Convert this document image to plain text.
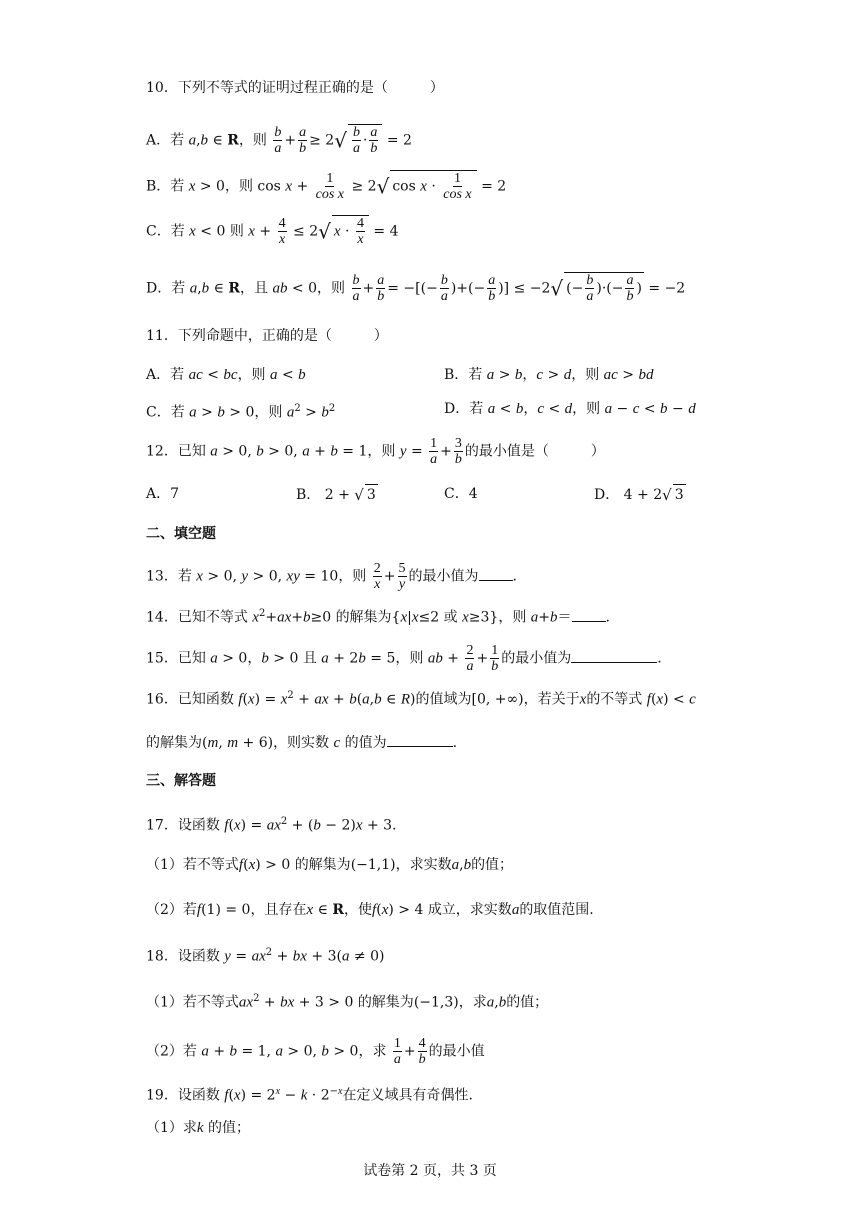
10．下列不等式的证明过程正确的是（　　　）
A．若 a,b ∈ R，则 $\frac{b}{a} + \frac{a}{b} \ge 2√ \frac{b}{a} \cdot \frac{a}{b} = 2$
B．若 x > 0，则 $\cos x + \frac{1}{\text{cos x}} \ge 2√$ $\cos x \cdot \frac{1}{\text{cos x}} = 2$
C．若 x < 0 则 $x + \frac{4}{x} \le 2√$ $x \cdot \frac{4}{x} = 4$
D．若 a,b ∈ R，且 ab < 0，则 $\frac{b}{a} + \frac{a}{b}$ = −[(− $\frac{b}{a}$ )+(− $\frac{a}{b}$ )] ≤ −2√ (− $\frac{b}{a}$ )·(− $\frac{a}{b}$ ) = −2
11．下列命题中，正确的是（　　　）
A．若 ac < bc，则 a < b	B．若 a > b，c > d，则 ac > bd
C．若 a > b > 0，则 $a^2 > b^2$	D．若 a < b，c < d，则 a − c < b − d
12．已知 a > 0, b > 0, a + b = 1，则 $y = \frac{1}{a} + \frac{3}{b}$ 的最小值是（　　　）
A．7	B． 2 + √ 3	C．4	D． 4 + 2√ 3
二、填空题
13．若 x > 0, y > 0, xy = 10，则 $\frac{2}{x} + \frac{5}{y}$ 的最小值为 .
14．已知不等式 $x^2+ax+b\ge 0$ 的解集为{x|x≤2 或 x≥3}，则 a+b＝ .
15．已知 a > 0，b > 0 且 a + 2b = 5，则 ab + $\frac{2}{a} + \frac{1}{b}$ 的最小值为	.
16．已知函数 $f(x) = x^2$ + ax + b(a,b ∈ R)的值域为[0, +∞)，若关于x的不等式 f(x) < c
的解集为(m, m + 6)，则实数 c 的值为	.
三、解答题
17．设函数 $f(x) = ax^2 + (b - 2)x + 3$.
（1）若不等式f(x) > 0 的解集为(−1,1)，求实数a,b的值；
（2）若f(1) = 0，且存在x ∈ R，使f(x) > 4 成立，求实数a的取值范围.
18．设函数 $y = ax^2$ + bx + 3(a ≠ 0)
（1）若不等式$ax^2$ + bx + 3 > 0 的解集为(−1,3)，求a,b的值；
（2）若 a + b = 1, a > 0, b > 0，求 $\frac{1}{a} + \frac{4}{b}$ 的最小值
19．设函数 $f(x) = 2^x - k \cdot 2^{-x}$在定义域具有奇偶性.
（1）求k 的值；
试卷第 2 页，共 3 页
